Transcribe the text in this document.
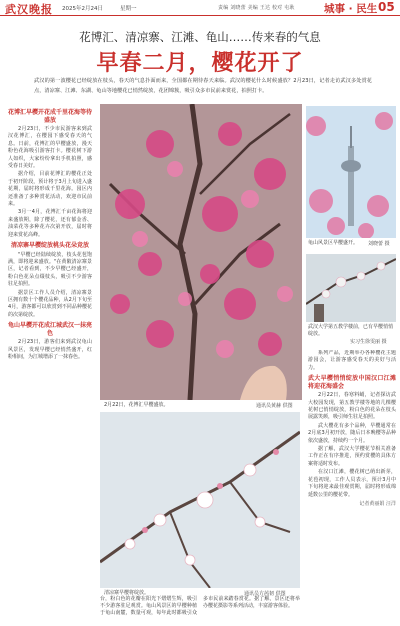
武汉晚报 2025年2月24日	星期一	责编 刘晓蕾 美编 王达 校对 屯耿	城事 · 民生 05
花博汇、清凉寨、江滩、龟山……传来春的气息
早春二月，樱花开了
武汉的第一波樱花已经绽放在枝头，春天的气息扑面而来，全国都在期待春天来临。武汉的樱花什么时候盛放？2月23日，记者走访武汉多处赏花点，清凉寨、江滩、东湖、龟山等地樱花已悄然绽放，花团锦簇，吸引众多市民前来赏花，拍照打卡。
花博汇早樱开花成千里花海等待盛放

2月23日，不少市民游客来到武汉花博汇，在樱园下感受春天的气息。日前，花博汇的早樱盛放，漫天粉色花海吸引游客打卡。樱花树下游人如织，大家纷纷拿出手机拍照，感受春日美好。

据介绍，目前花博汇的樱花正处于初开阶段，预计将于3月上旬进入盛花期，届时将形成千里花海。园区内还准备了多种赏花活动，欢迎市民前来。

3月一4月，花博汇千亩花海将迎来盛放期，除了樱花，还有郁金香、油菜花等多种花卉次第开放，届时将迎来赏花高峰。

清凉寨早樱绽放桃头花朵竞放

"早樱已经陆续绽放，枝头花苞饱满，即将迎来盛放。"在黄陂清凉寨景区，记者看到，不少早樱已经盛开，粉白色花朵点缀枝头，吸引不少游客驻足拍照。

据景区工作人员介绍，清凉寨景区拥有数十个樱花品种，从2月下旬至4月，游客都可以欣赏到不同品种樱花的次第绽放。

龟山早樱开花成江城武汉一抹亮色

2月23日，游客们来到武汉龟山风景区，发现早樱已经悄然盛开，红粉相间，为江城增添了一抹春色。

2月22日，花博汇早樱盛放。	通讯员黄赫 供图
清凉寨早樱将绽放。	通讯员方茜韧 供图
龟山风景区早樱盛开。 刘晓蕾 摄
武汉大学第五教学楼前，已有早樱悄悄绽放。
实习生徐雯丽 摄

系列产品，近期举办各种樱花主题游园会，让游客感受春天的美好与活力。

武大早樱悄悄绽放中国汉口江滩将迎花海盛会

2月22日，春寒料峭，记者探访武大校园发现，第五教学楼等地的几棵樱花树已悄悄绽放，粉白色的花朵在枝头展露笑颜，吸引师生驻足拍照。

武大樱花有多个品种，早樱通常在2月底3月初开放，随后日本晚樱等品种依次盛放，持续约一个月。

据了解，武汉大学樱花节相关准备工作正在有序推进，预约赏樱的具体方案将适时发布。

在汉口江滩，樱花树已萌出新芽，花苞初现，工作人员表示，预计3月中下旬将迎来最佳观赏期，届时将形成绵延数公里的樱花带。

记者黄丽娟 汪洋
台，粉白色的花瓣在阳光下熠熠生辉，吸引不少游客驻足观赏。龟山风景区的早樱种植于龟山南麓，数量可观，每年此时都吸引众多市民前来踏春赏花。据了解，景区还将举办樱花摄影等系列活动，丰富游客体验。
